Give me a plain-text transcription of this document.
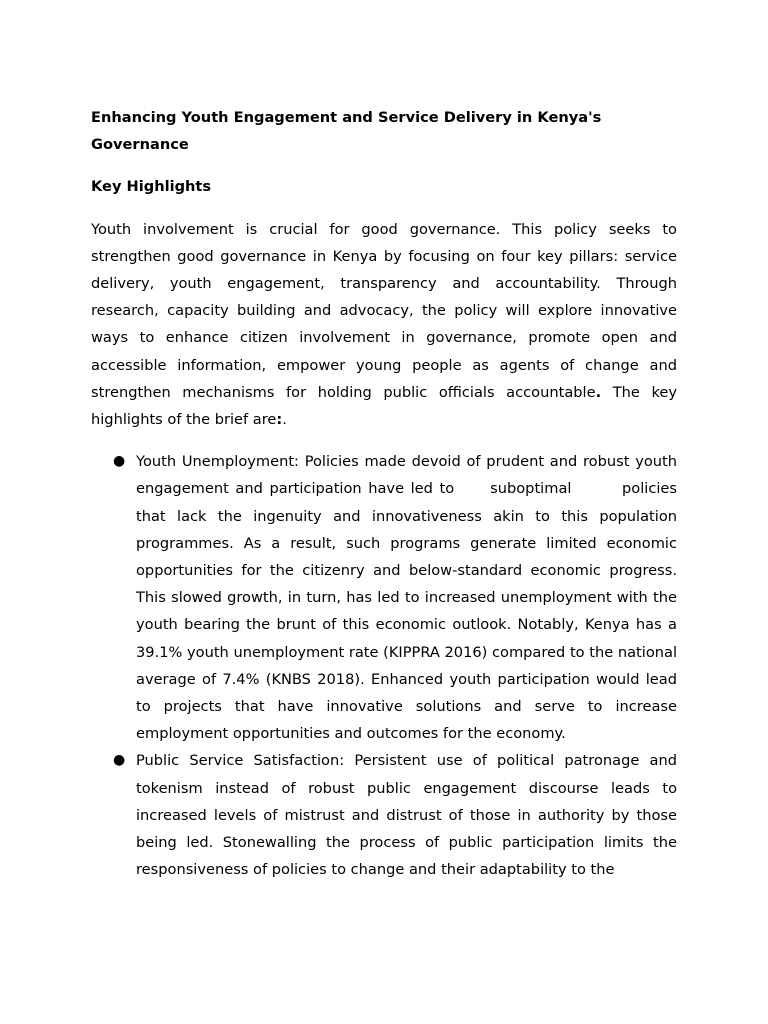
Enhancing Youth Engagement and Service Delivery in Kenya's Governance

Key Highlights

Youth involvement is crucial for good governance. This policy seeks to strengthen good governance in Kenya by focusing on four key pillars: service delivery, youth engagement, transparency and accountability. Through research, capacity building and advocacy, the policy will explore innovative ways to enhance citizen involvement in governance, promote open and accessible information, empower young people as agents of change and strengthen mechanisms for holding public officials accountable. The key highlights of the brief are:.

● Youth Unemployment: Policies made devoid of prudent and robust youth engagement and participation have led to suboptimal	policies that lack the ingenuity and innovativeness akin to this population programmes. As a result, such programs generate limited economic opportunities for the citizenry and below-standard economic progress. This slowed growth, in turn, has led to increased unemployment with the youth bearing the brunt of this economic outlook. Notably, Kenya has a 39.1% youth unemployment rate (KIPPRA 2016) compared to the national average of 7.4% (KNBS 2018). Enhanced youth participation would lead to projects that have innovative solutions and serve to increase employment opportunities and outcomes for the economy.
● Public Service Satisfaction: Persistent use of political patronage and tokenism instead of robust public engagement discourse leads to increased levels of mistrust and distrust of those in authority by those being led. Stonewalling the process of public participation limits the responsiveness of policies to change and their adaptability to the
